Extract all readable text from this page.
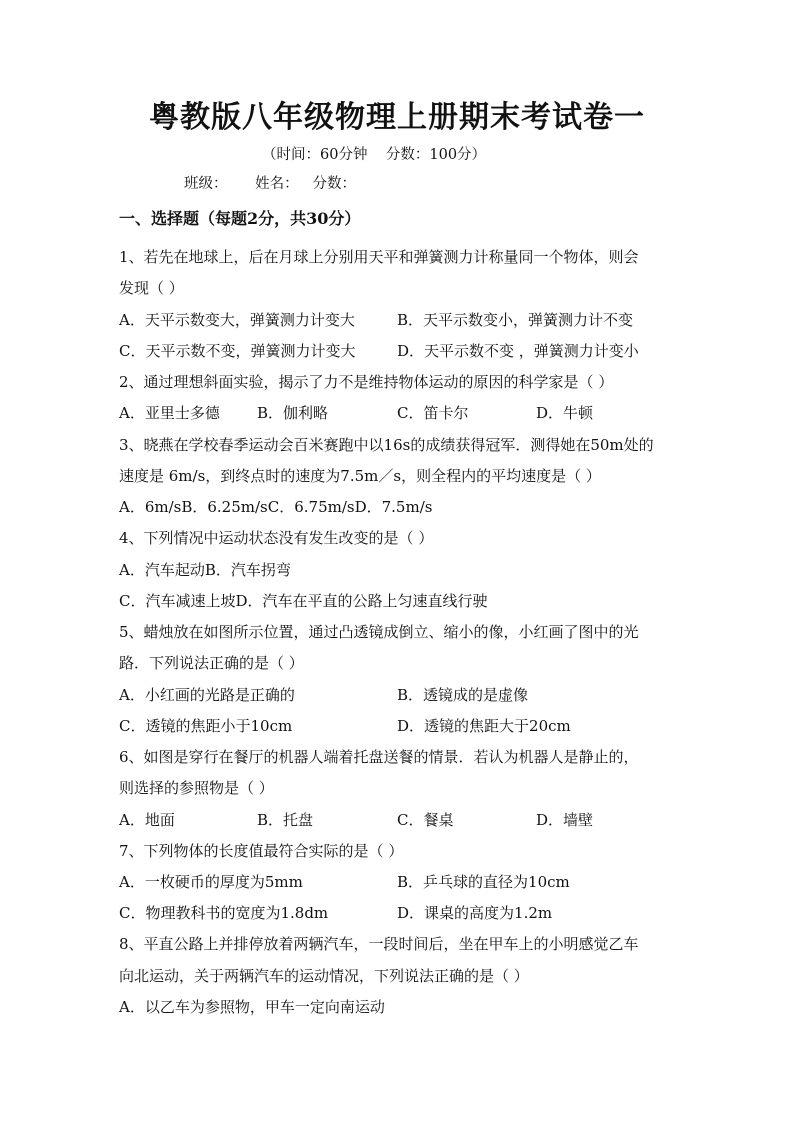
粤教版八年级物理上册期末考试卷一
（时间：60分钟    分数：100分）
班级：      姓名：   分数：
一、选择题（每题2分，共30分）
1、若先在地球上，后在月球上分别用天平和弹簧测力计称量同一个物体，则会
发现（ ）
A．天平示数变大，弹簧测力计变大	B．天平示数变小，弹簧测力计不变
C．天平示数不变，弹簧测力计变大	D．天平示数不变 ，弹簧测力计变小
2、通过理想斜面实验，揭示了力不是维持物体运动的原因的科学家是（ ）
A．亚里士多德 B．伽利略	C．笛卡尔	D．牛顿
3、晓燕在学校春季运动会百米赛跑中以16s的成绩获得冠军．测得她在50m处的
速度是 6m/s，到终点时的速度为7.5m／s，则全程内的平均速度是（ ）
A．6m/sB．6.25m/sC．6.75m/sD．7.5m/s
4、下列情况中运动状态没有发生改变的是（ ）
A．汽车起动B．汽车拐弯
C．汽车减速上坡D．汽车在平直的公路上匀速直线行驶
5、蜡烛放在如图所示位置，通过凸透镜成倒立、缩小的像，小红画了图中的光
路．下列说法正确的是（ ）
A．小红画的光路是正确的	B．透镜成的是虚像
C．透镜的焦距小于10cm	D．透镜的焦距大于20cm
6、如图是穿行在餐厅的机器人端着托盘送餐的情景．若认为机器人是静止的，
则选择的参照物是（ ）
A．地面	B．托盘	C．餐桌	D．墙壁
7、下列物体的长度值最符合实际的是（ ）
A．一枚硬币的厚度为5mm	B．乒乓球的直径为10cm
C．物理教科书的宽度为1.8dm	D．课桌的高度为1.2m
8、平直公路上并排停放着两辆汽车，一段时间后，坐在甲车上的小明感觉乙车
向北运动，关于两辆汽车的运动情况，下列说法正确的是（ ）
A．以乙车为参照物，甲车一定向南运动
